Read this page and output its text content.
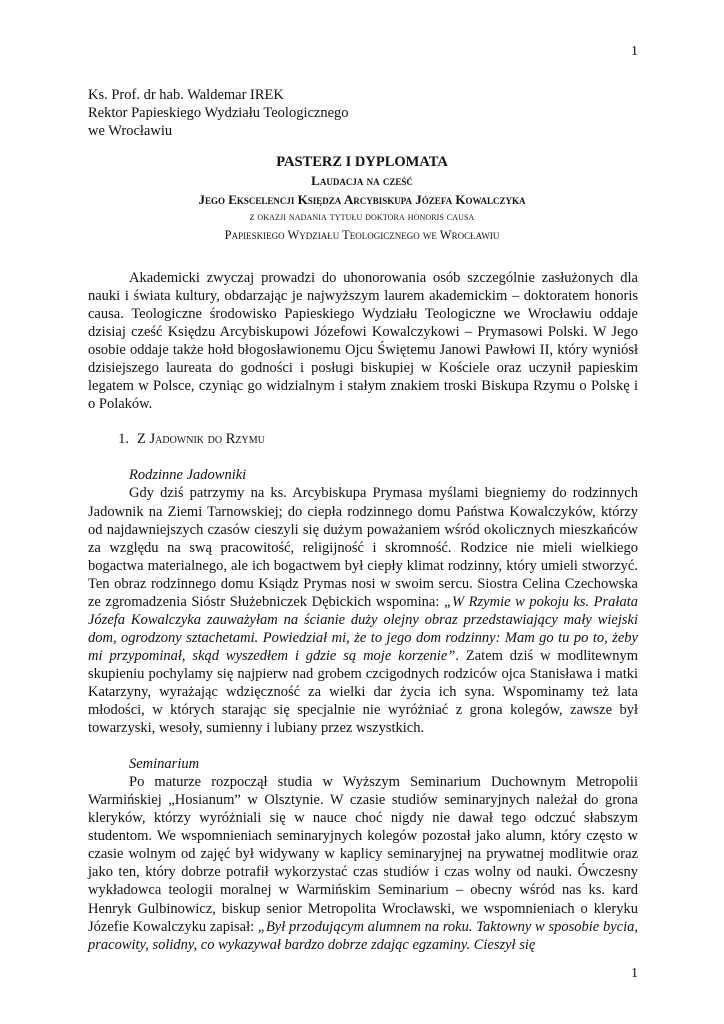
1
Ks. Prof. dr hab. Waldemar IREK
Rektor Papieskiego Wydziału Teologicznego
we Wrocławiu
PASTERZ I DYPLOMATA
Laudacja na cześć
Jego Ekscelencji Księdza Arcybiskupa Józefa Kowalczyka
z okazji nadania tytułu doktora honoris causa
Papieskiego Wydziału Teologicznego we Wrocławiu

Akademicki zwyczaj prowadzi do uhonorowania osób szczególnie zasłużonych dla nauki i świata kultury, obdarzając je najwyższym laurem akademickim – doktoratem honoris causa. Teologiczne środowisko Papieskiego Wydziału Teologiczne we Wrocławiu oddaje dzisiaj cześć Księdzu Arcybiskupowi Józefowi Kowalczykowi – Prymasowi Polski. W Jego osobie oddaje także hołd błogosławionemu Ojcu Świętemu Janowi Pawłowi II, który wyniósł dzisiejszego laureata do godności i posługi biskupiej w Kościele oraz uczynił papieskim legatem w Polsce, czyniąc go widzialnym i stałym znakiem troski Biskupa Rzymu o Polskę i o Polaków.

1. Z Jadownik do Rzymu
Rodzinne Jadowniki

Gdy dziś patrzymy na ks. Arcybiskupa Prymasa myślami biegniemy do rodzinnych Jadownik na Ziemi Tarnowskiej; do ciepła rodzinnego domu Państwa Kowalczyków, którzy od najdawniejszych czasów cieszyli się dużym poważaniem wśród okolicznych mieszkańców za względu na swą pracowitość, religijność i skromność. Rodzice nie mieli wielkiego bogactwa materialnego, ale ich bogactwem był ciepły klimat rodzinny, który umieli stworzyć. Ten obraz rodzinnego domu Ksiądz Prymas nosi w swoim sercu. Siostra Celina Czechowska ze zgromadzenia Sióstr Służebniczek Dębickich wspomina: „W Rzymie w pokoju ks. Prałata Józefa Kowalczyka zauważyłam na ścianie duży olejny obraz przedstawiający mały wiejski dom, ogrodzony sztachetami. Powiedział mi, że to jego dom rodzinny: Mam go tu po to, żeby mi przypominał, skąd wyszedłem i gdzie są moje korzenie”. Zatem dziś w modlitewnym skupieniu pochylamy się najpierw nad grobem czcigodnych rodziców ojca Stanisława i matki Katarzyny, wyrażając wdzięczność za wielki dar życia ich syna. Wspominamy też lata młodości, w których starając się specjalnie nie wyróżniać z grona kolegów, zawsze był towarzyski, wesoły, sumienny i lubiany przez wszystkich.

Seminarium

Po maturze rozpoczął studia w Wyższym Seminarium Duchownym Metropolii Warmińskiej „Hosianum” w Olsztynie. W czasie studiów seminaryjnych należał do grona kleryków, którzy wyróżniali się w nauce choć nigdy nie dawał tego odczuć słabszym studentom. We wspomnieniach seminaryjnych kolegów pozostał jako alumn, który często w czasie wolnym od zajęć był widywany w kaplicy seminaryjnej na prywatnej modlitwie oraz jako ten, który dobrze potrafił wykorzystać czas studiów i czas wolny od nauki. Ówczesny wykładowca teologii moralnej w Warmińskim Seminarium – obecny wśród nas ks. kard Henryk Gulbinowicz, biskup senior Metropolita Wrocławski, we wspomnieniach o kleryku Józefie Kowalczyku zapisał: „Był przodującym alumnem na roku. Taktowny w sposobie bycia, pracowity, solidny, co wykazywał bardzo dobrze zdając egzaminy. Cieszył się

1
